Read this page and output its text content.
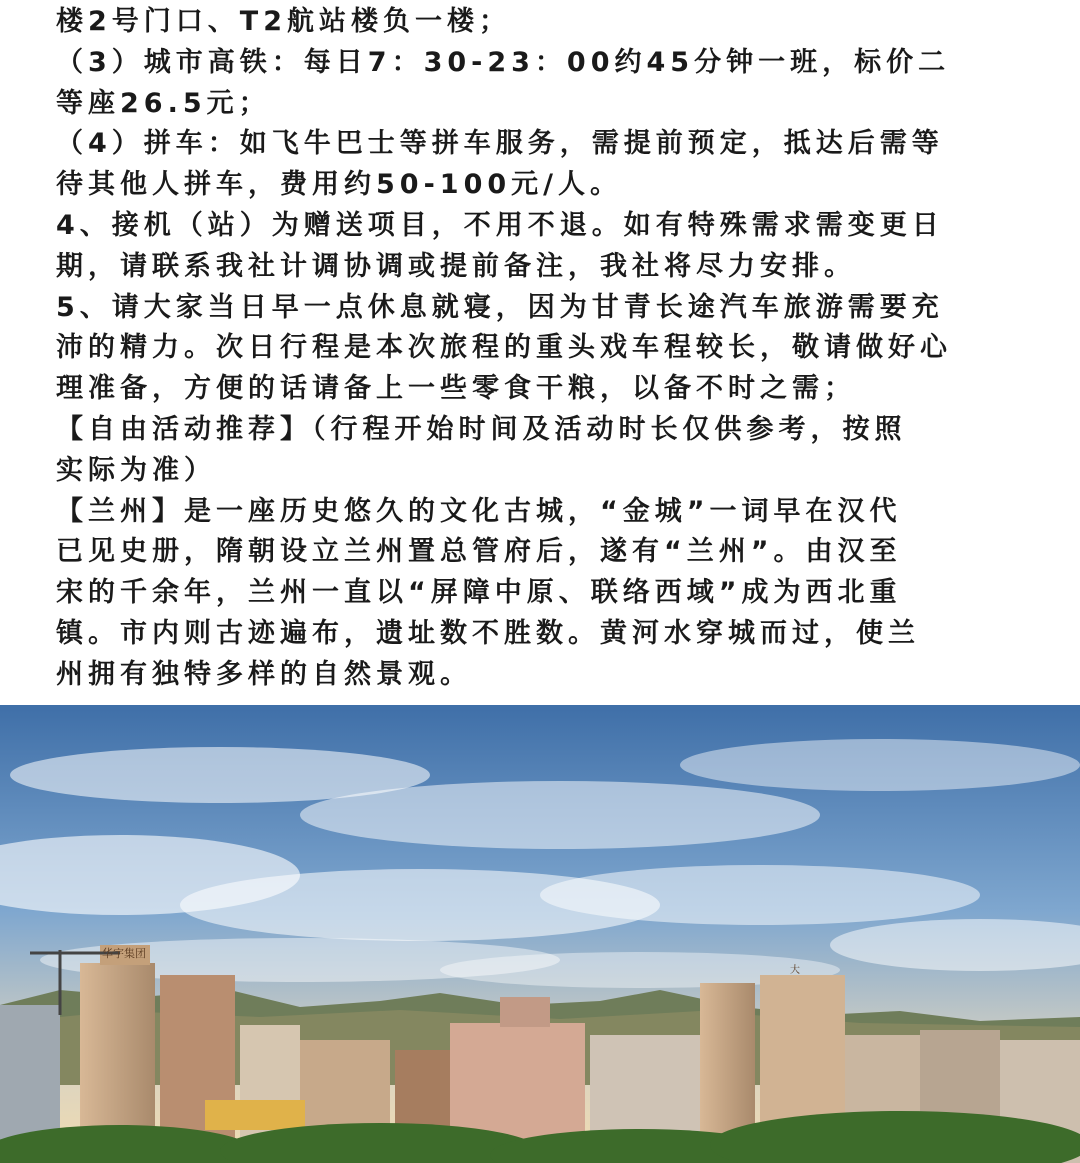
楼2号门口、T2航站楼负一楼；
（3）城市高铁：每日7：30-23：00约45分钟一班，标价二
等座26.5元；
（4）拼车：如飞牛巴士等拼车服务，需提前预定，抵达后需等
待其他人拼车，费用约50-100元/人。
4、接机（站）为赠送项目，不用不退。如有特殊需求需变更日
期，请联系我社计调协调或提前备注，我社将尽力安排。
5、请大家当日早一点休息就寝，因为甘青长途汽车旅游需要充
沛的精力。次日行程是本次旅程的重头戏车程较长，敬请做好心
理准备，方便的话请备上一些零食干粮，以备不时之需；
【自由活动推荐】（行程开始时间及活动时长仅供参考，按照
实际为准）
【兰州】是一座历史悠久的文化古城，“金城”一词早在汉代
已见史册，隋朝设立兰州置总管府后，遂有“兰州”。由汉至
宋的千余年，兰州一直以“屏障中原、联络西域”成为西北重
镇。市内则古迹遍布，遗址数不胜数。黄河水穿城而过，使兰
州拥有独特多样的自然景观。
华宇集团
大
